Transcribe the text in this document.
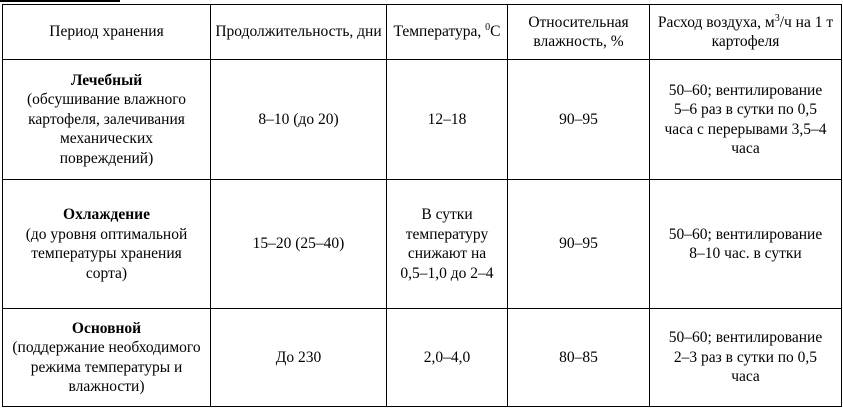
Период хранения	Продолжительность, дни	Температура, $^0$С	Относительная влажность, %	Расход воздуха, $м^3/ч$ на 1 т картофеля

Лечебный
(обсушивание влажного картофеля, залечивания механических повреждений)	8–10 (до 20)	12–18	90–95	50–60; вентилирование 5–6 раз в сутки по 0,5 часа с перерывами 3,5–4 часа

Охлаждение
(до уровня оптимальной температуры хранения сорта)	15–20 (25–40)	В сутки температуру снижают на 0,5–1,0 до 2–4	90–95	50–60; вентилирование 8–10 час. в сутки

Основной
(поддержание необходимого режима температуры и влажности)	До 230	2,0–4,0	80–85	50–60; вентилирование 2–3 раз в сутки по 0,5 часа
